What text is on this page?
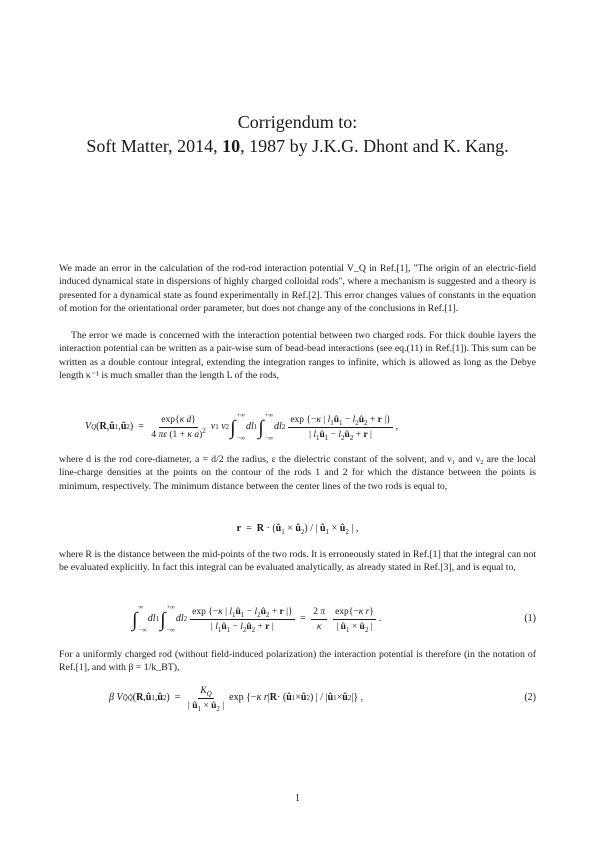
Corrigendum to:
Soft Matter, 2014, 10, 1987 by J.K.G. Dhont and K. Kang.
We made an error in the calculation of the rod-rod interaction potential V_Q in Ref.[1], "The origin of an electric-field induced dynamical state in dispersions of highly charged colloidal rods", where a mechanism is suggested and a theory is presented for a dynamical state as found experimentally in Ref.[2]. This error changes values of constants in the equation of motion for the orientational order parameter, but does not change any of the conclusions in Ref.[1].
The error we made is concerned with the interaction potential between two charged rods. For thick double layers the interaction potential can be written as a pair-wise sum of bead-bead interactions (see eq.(11) in Ref.[1]). This sum can be written as a double contour integral, extending the integration ranges to infinite, which is allowed as long as the Debye length κ⁻¹ is much smaller than the length L of the rods,
V Q ( R , û 1 , û 2 )  = $\frac{\text{exp\{κ d\}}}{4 \pi\varepsilon (1 + \kappa a)^2}$ ν 1
ν 2 ∫
+∞
−∞
dl 1 ∫
+∞
−∞
dl $2 \frac{\exp \{-\kappa | l_1û_1 - l_2û_2 + r |\}}{| l_1û_1 - l_2û_2 + r |}$ ,
where d is the rod core-diameter, a = d/2 the radius, ε the dielectric constant of the solvent, and ν₁ and ν₂ are the local line-charge densities at the points on the contour of the rods 1 and 2 for which the distance between the points is minimum, respectively. The minimum distance between the center lines of the two rods is equal to,
$r = R \cdot (û_1$ × $û_2$) / | $û_1$ × $û_2$ | ,
where R is the distance between the mid-points of the two rods. It is erroneously stated in Ref.[1] that the integral can not be evaluated explicitly. In fact this integral can be evaluated analytically, as already stated in Ref.[3], and is equal to,
∫
∞
−∞
dl 1 ∫
+∞
−∞
dl $2 \frac{\exp \{-\kappa | l_1û_1 - l_2û_2 + r |\}}{| l_1û_1 - l_2û_2 + r |} = \frac{2 \pi}{\kappa} \frac{\text{exp\{−κ r\}}}{| û_1 \times û_2 |}$ .	(1)
For a uniformly charged rod (without field-induced polarization) the interaction potential is therefore (in the notation of Ref.[1], and with β = 1/k_BT),
β V Q̄Q̄ ( R , û 1 , û 2 )  = $\frac{K_Q}{| û_1 \times û_2 |}$ exp {− κ r | R · ( û 1 × û 2 ) | / | û 1 × û 2 |} ,	(2)
1
